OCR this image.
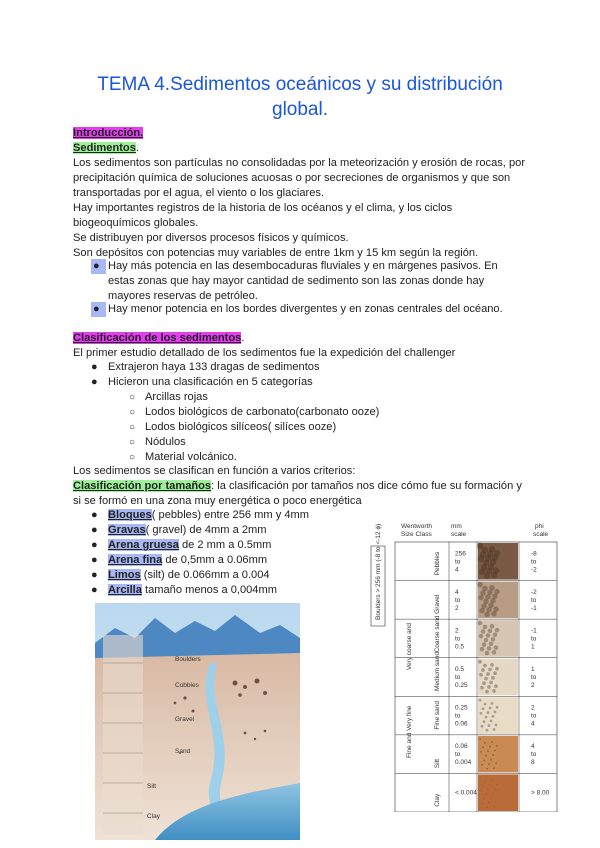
TEMA 4.Sedimentos oceánicos y su distribución
global.
Introducción.
Sedimentos.
Los sedimentos son partículas no consolidadas por la meteorización y erosión de rocas, por
precipitación química de soluciones acuosas o por secreciones de organismos y que son
transportadas por el agua, el viento o los glaciares.
Hay importantes registros de la historia de los océanos y el clima, y los ciclos
biogeoquímicos globales.
Se distribuyen por diversos procesos físicos y químicos.
Son depósitos con potencias muy variables de entre 1km y 15 km según la región.
● Hay más potencia en las desembocaduras fluviales y en márgenes pasivos. En
estas zonas que hay mayor cantidad de sedimento son las zonas donde hay
mayores reservas de petróleo.
● Hay menor potencia en los bordes divergentes y en zonas centrales del océano.
Clasificación de los sedimentos.
El primer estudio detallado de los sedimentos fue la expedición del challenger
● Extrajeron haya 133 dragas de sedimentos
● Hicieron una clasificación en 5 categorías
○ Arcillas rojas
○ Lodos biológicos de carbonato(carbonato ooze)
○ Lodos biológicos silíceos( silíces ooze)
○ Nódulos
○ Material volcánico.
Los sedimentos se clasifican en función a varios criterios:
Clasificación por tamaños: la clasificación por tamaños nos dice cómo fue su formación y
si se formó en una zona muy energética o poco energética
● Bloques( pebbles) entre 256 mm y 4mm
● Gravas( gravel) de 4mm a 2mm
● Arena gruesa de 2 mm a 0.5mm
● Arena fina de 0,5mm a 0.06mm
● Limos (silt) de 0.066mm a 0.004
● Arcilla tamaño menos a 0,004mm
Boulders
Cobbles
Gravel
Sand
Silt
Clay
Wentworth
Size Class
mm
scale
phi
scale
Boulders > 256 mm (-8 to <-12 ϕ)	Pebbles 256
to
4
-8
to
-2
Gravel
4
to
2
-2
to
-1
Coarse sand 2
to
0.5
-1
to
1
Medium sand 0.5
to
0.25
1
to
2
Fine sand 0.25
to
0.06
2
to
4
Silt
0.06
to
0.004
4
to
8
Clay
< 0.004	> 8.00
Very coarse and
Fine and Very fine
